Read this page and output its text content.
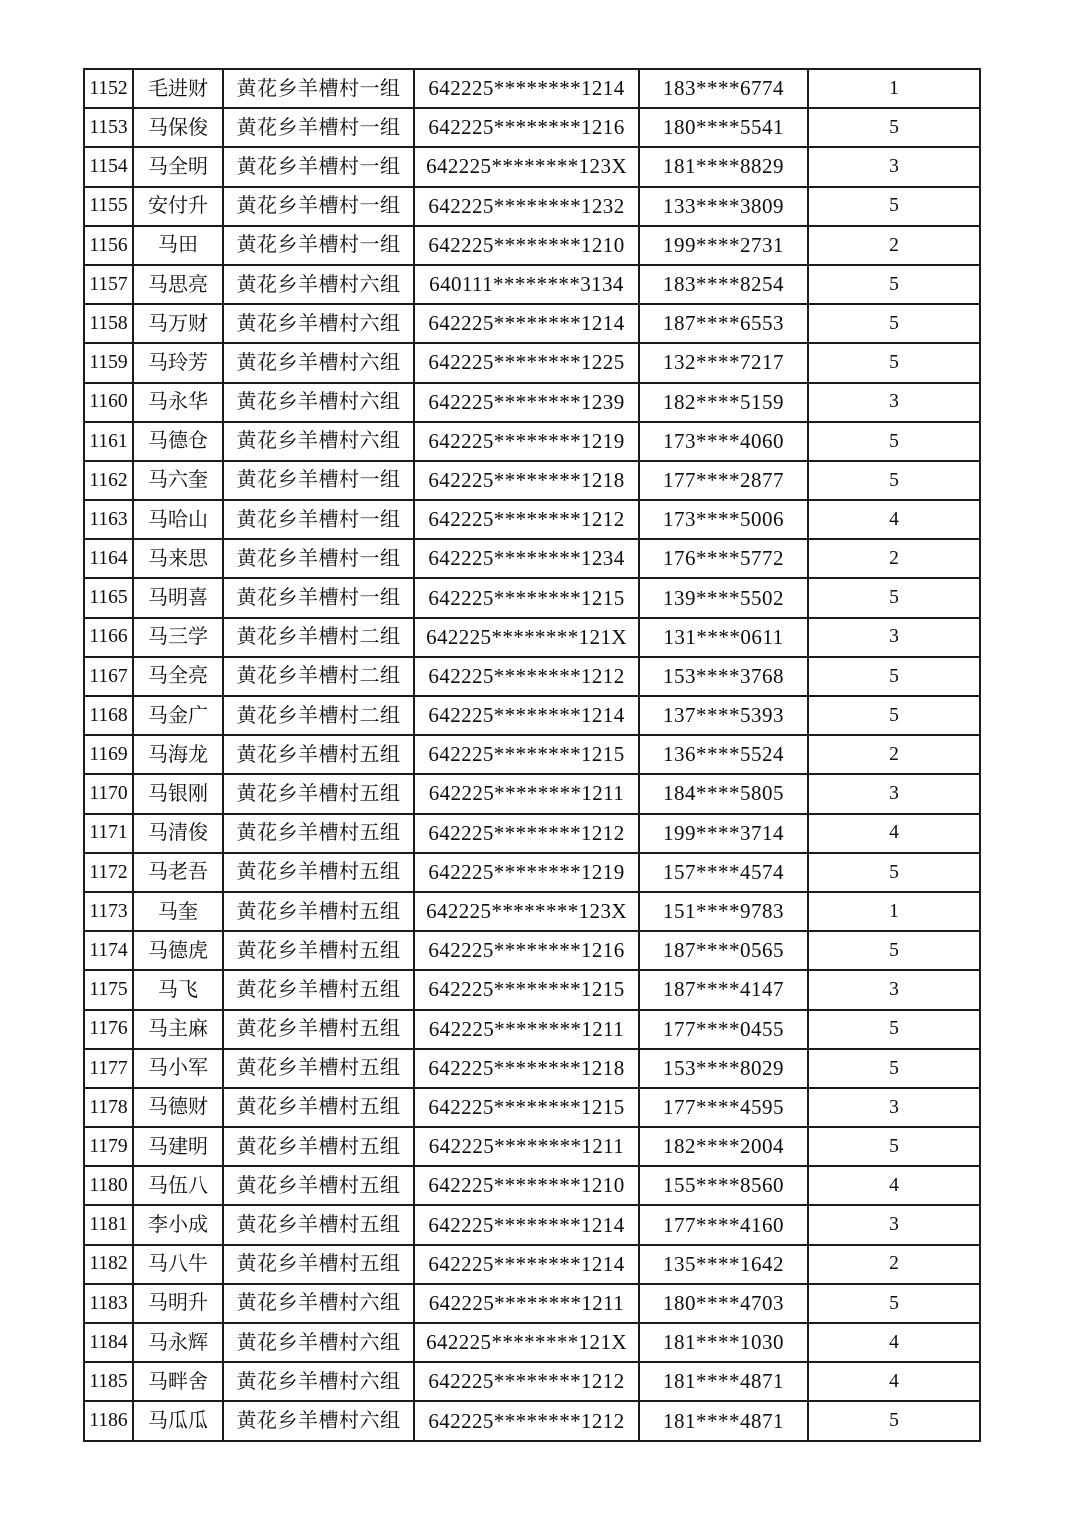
1152	毛进财	黄花乡羊槽村一组	642225********1214	183****6774	1
1153	马保俊	黄花乡羊槽村一组	642225********1216	180****5541	5
1154	马全明	黄花乡羊槽村一组	642225********123X	181****8829	3
1155	安付升	黄花乡羊槽村一组	642225********1232	133****3809	5
1156	马田	黄花乡羊槽村一组	642225********1210	199****2731	2
1157	马思亮	黄花乡羊槽村六组	640111********3134	183****8254	5
1158	马万财	黄花乡羊槽村六组	642225********1214	187****6553	5
1159	马玲芳	黄花乡羊槽村六组	642225********1225	132****7217	5
1160	马永华	黄花乡羊槽村六组	642225********1239	182****5159	3
1161	马德仓	黄花乡羊槽村六组	642225********1219	173****4060	5
1162	马六奎	黄花乡羊槽村一组	642225********1218	177****2877	5
1163	马哈山	黄花乡羊槽村一组	642225********1212	173****5006	4
1164	马来思	黄花乡羊槽村一组	642225********1234	176****5772	2
1165	马明喜	黄花乡羊槽村一组	642225********1215	139****5502	5
1166	马三学	黄花乡羊槽村二组	642225********121X	131****0611	3
1167	马全亮	黄花乡羊槽村二组	642225********1212	153****3768	5
1168	马金广	黄花乡羊槽村二组	642225********1214	137****5393	5
1169	马海龙	黄花乡羊槽村五组	642225********1215	136****5524	2
1170	马银刚	黄花乡羊槽村五组	642225********1211	184****5805	3
1171	马清俊	黄花乡羊槽村五组	642225********1212	199****3714	4
1172	马老吾	黄花乡羊槽村五组	642225********1219	157****4574	5
1173	马奎	黄花乡羊槽村五组	642225********123X	151****9783	1
1174	马德虎	黄花乡羊槽村五组	642225********1216	187****0565	5
1175	马飞	黄花乡羊槽村五组	642225********1215	187****4147	3
1176	马主麻	黄花乡羊槽村五组	642225********1211	177****0455	5
1177	马小军	黄花乡羊槽村五组	642225********1218	153****8029	5
1178	马德财	黄花乡羊槽村五组	642225********1215	177****4595	3
1179	马建明	黄花乡羊槽村五组	642225********1211	182****2004	5
1180	马伍八	黄花乡羊槽村五组	642225********1210	155****8560	4
1181	李小成	黄花乡羊槽村五组	642225********1214	177****4160	3
1182	马八牛	黄花乡羊槽村五组	642225********1214	135****1642	2
1183	马明升	黄花乡羊槽村六组	642225********1211	180****4703	5
1184	马永辉	黄花乡羊槽村六组	642225********121X	181****1030	4
1185	马畔舍	黄花乡羊槽村六组	642225********1212	181****4871	4
1186	马瓜瓜	黄花乡羊槽村六组	642225********1212	181****4871	5
